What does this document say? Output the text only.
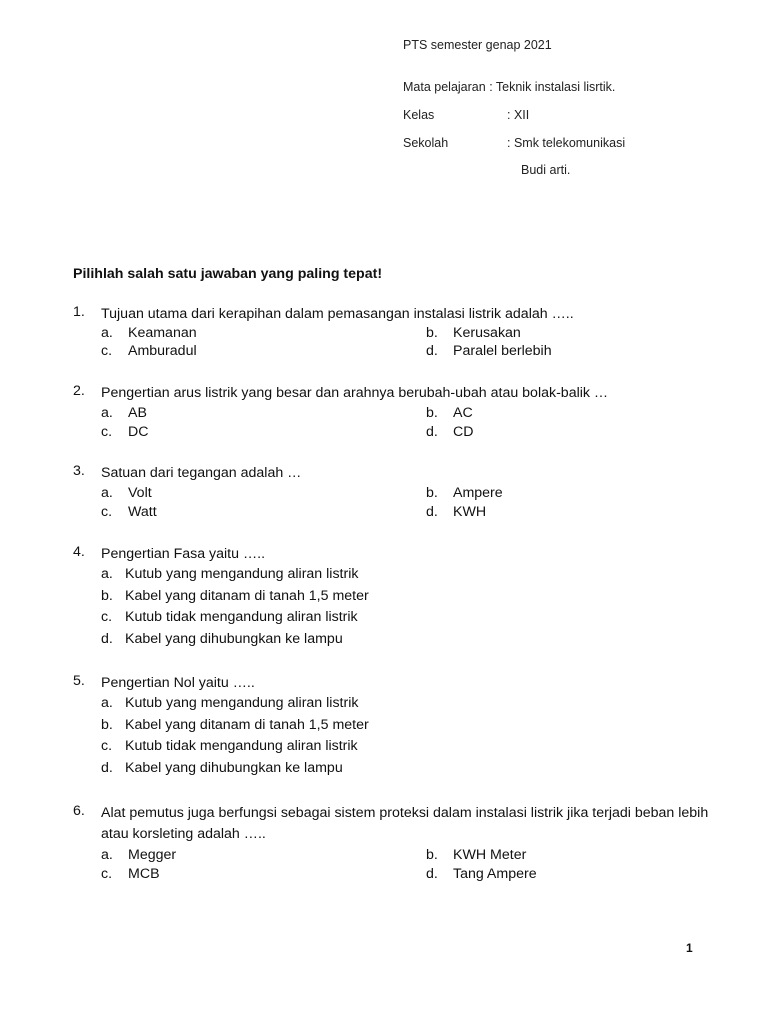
PTS semester genap 2021
Mata pelajaran : Teknik instalasi lisrtik.
Kelas	: XII
Sekolah	: Smk telekomunikasi
Budi arti.
Pilihlah salah satu jawaban yang paling tepat!
1. Tujuan utama dari kerapihan dalam pemasangan instalasi listrik adalah …..
a. Keamanan	b. Kerusakan
c. Amburadul	d. Paralel berlebih
2. Pengertian arus listrik yang besar dan arahnya berubah-ubah atau bolak-balik …
a. AB	b. AC
c. DC	d. CD
3. Satuan dari tegangan adalah …
a. Volt	b. Ampere
c. Watt	d. KWH
4. Pengertian Fasa yaitu …..
a. Kutub yang mengandung aliran listrik
b. Kabel yang ditanam di tanah 1,5 meter
c. Kutub tidak mengandung aliran listrik
d. Kabel yang dihubungkan ke lampu
5. Pengertian Nol yaitu …..
a. Kutub yang mengandung aliran listrik
b. Kabel yang ditanam di tanah 1,5 meter
c. Kutub tidak mengandung aliran listrik
d. Kabel yang dihubungkan ke lampu
6. Alat pemutus juga berfungsi sebagai sistem proteksi dalam instalasi listrik jika terjadi beban lebih atau korsleting adalah …..
a. Megger	b. KWH Meter
c. MCB	d. Tang Ampere
1
